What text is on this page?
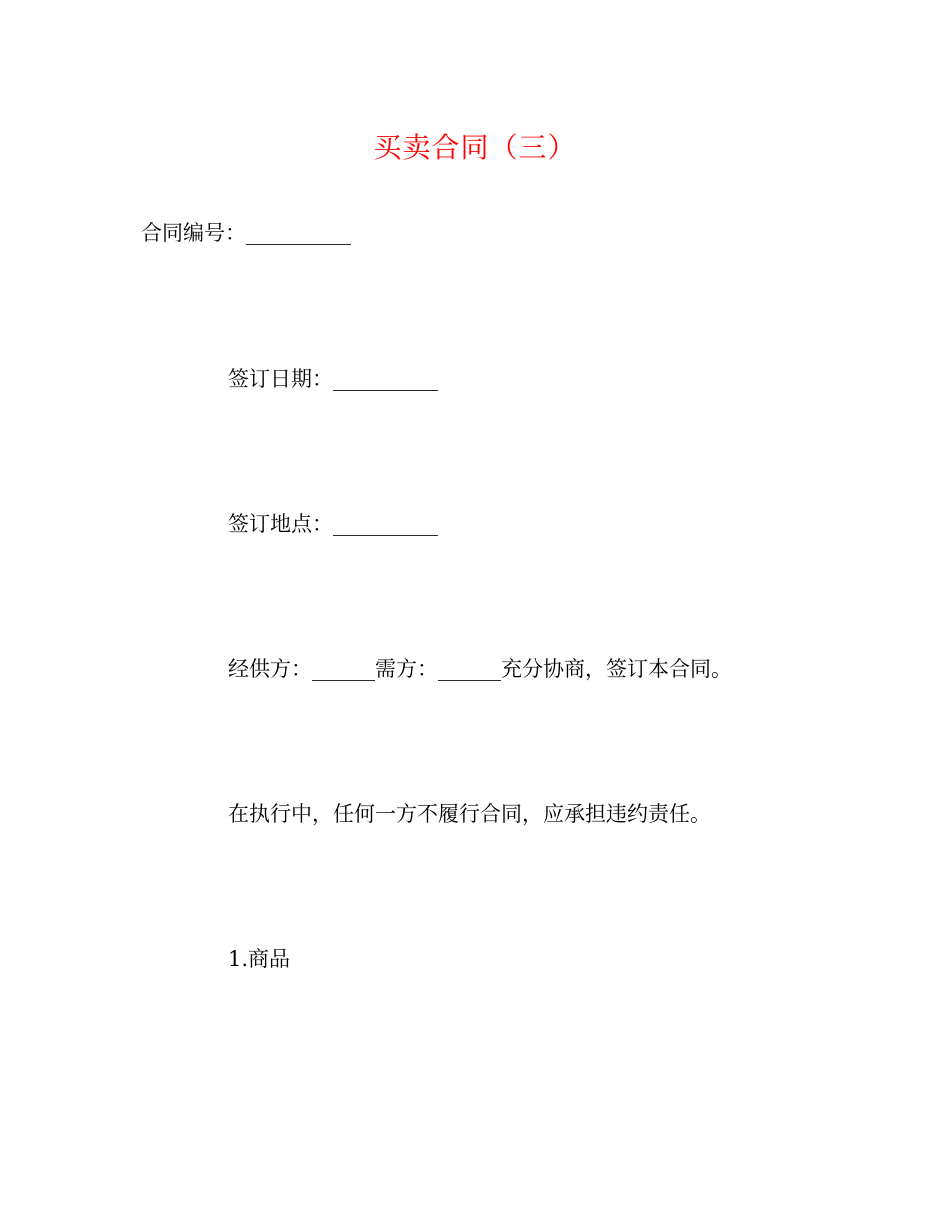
买卖合同（三）
合同编号：__________
签订日期：__________
签订地点：__________
经供方：______需方：______充分协商，签订本合同。
在执行中，任何一方不履行合同，应承担违约责任。
1.商品
